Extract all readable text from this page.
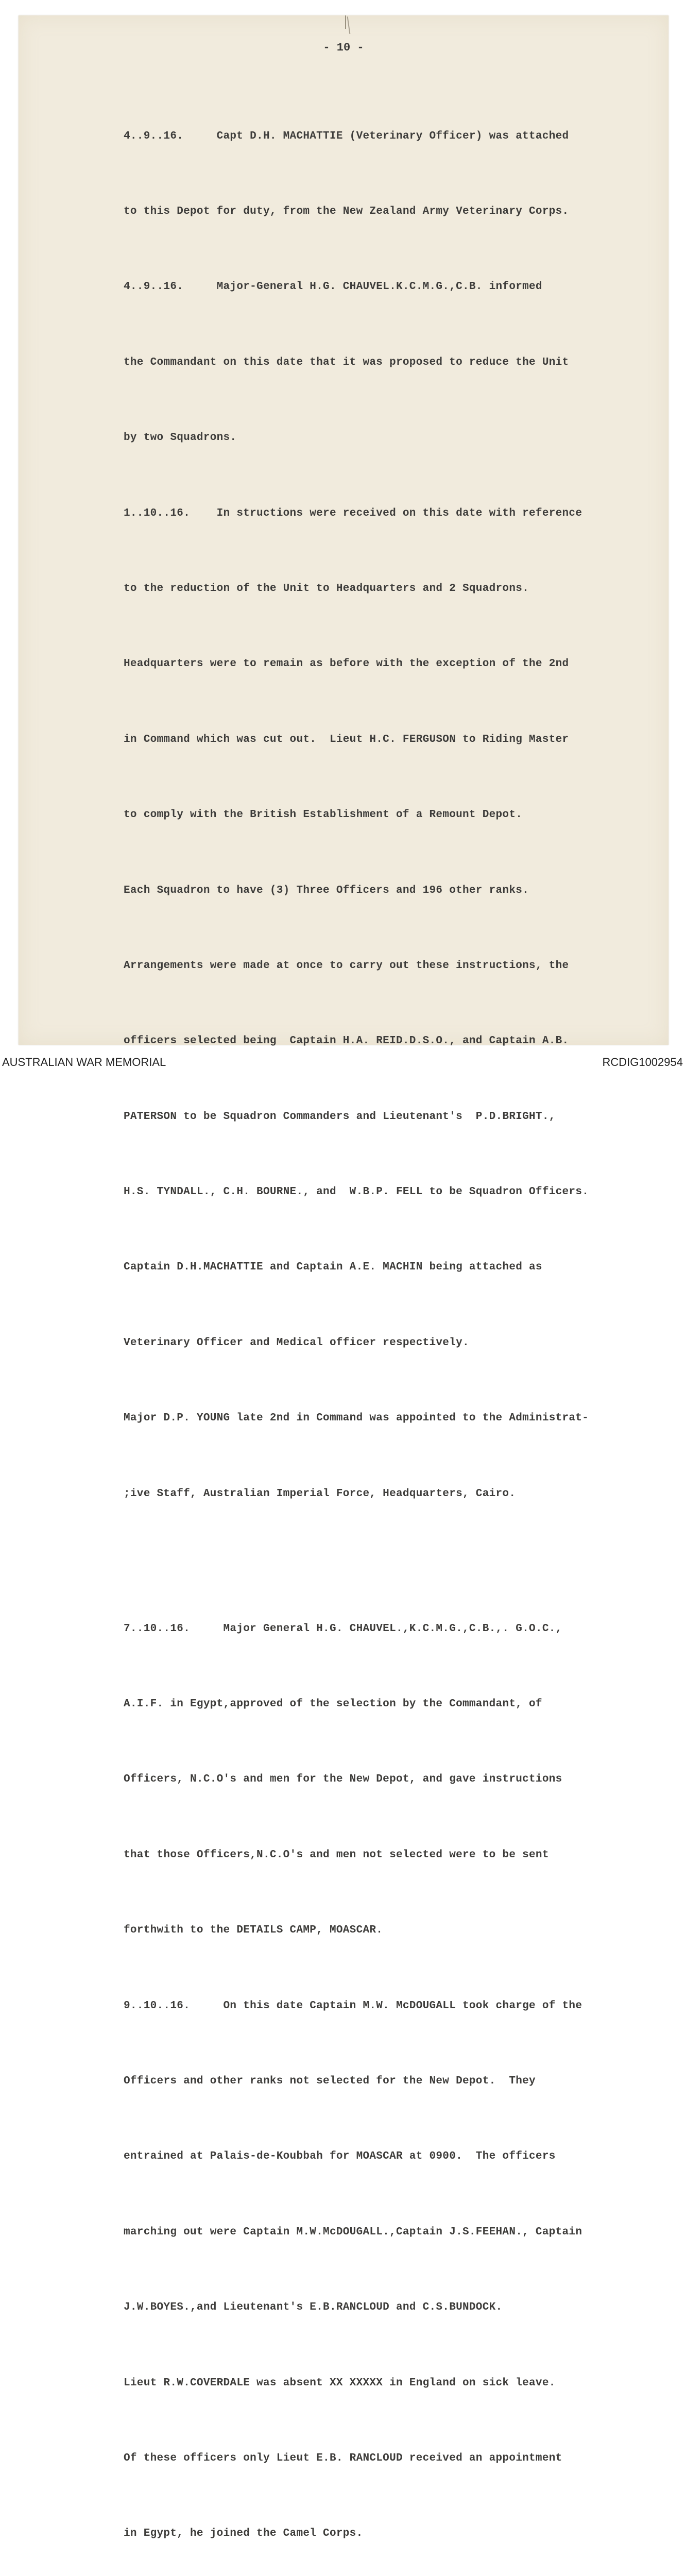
- 10 -

4..9..16.     Capt D.H. MACHATTIE (Veterinary Officer) was attached

to this Depot for duty, from the New Zealand Army Veterinary Corps.

4..9..16.     Major-General H.G. CHAUVEL.K.C.M.G.,C.B. informed

the Commandant on this date that it was proposed to reduce the Unit

by two Squadrons.

1..10..16.    In structions were received on this date with reference

to the reduction of the Unit to Headquarters and 2 Squadrons.

Headquarters were to remain as before with the exception of the 2nd

in Command which was cut out.  Lieut H.C. FERGUSON to Riding Master

to comply with the British Establishment of a Remount Depot.

Each Squadron to have (3) Three Officers and 196 other ranks.

Arrangements were made at once to carry out these instructions, the

officers selected being  Captain H.A. REID.D.S.O., and Captain A.B.

PATERSON to be Squadron Commanders and Lieutenant's  P.D.BRIGHT.,

H.S. TYNDALL., C.H. BOURNE., and  W.B.P. FELL to be Squadron Officers.

Captain D.H.MACHATTIE and Captain A.E. MACHIN being attached as

Veterinary Officer and Medical officer respectively.

Major D.P. YOUNG late 2nd in Command was appointed to the Administrat-

;ive Staff, Australian Imperial Force, Headquarters, Cairo.

7..10..16.     Major General H.G. CHAUVEL.,K.C.M.G.,C.B.,. G.O.C.,

A.I.F. in Egypt,approved of the selection by the Commandant, of

Officers, N.C.O's and men for the New Depot, and gave instructions

that those Officers,N.C.O's and men not selected were to be sent

forthwith to the DETAILS CAMP, MOASCAR.

9..10..16.     On this date Captain M.W. McDOUGALL took charge of the

Officers and other ranks not selected for the New Depot.  They

entrained at Palais-de-Koubbah for MOASCAR at 0900.  The officers

marching out were Captain M.W.McDOUGALL.,Captain J.S.FEEHAN., Captain

J.W.BOYES.,and Lieutenant's E.B.RANCLOUD and C.S.BUNDOCK.

Lieut R.W.COVERDALE was absent XX XXXXX in England on sick leave.

Of these officers only Lieut E.B. RANCLOUD received an appointment

in Egypt, he joined the Camel Corps.

AUSTRALIAN WAR MEMORIAL	RCDIG1002954
